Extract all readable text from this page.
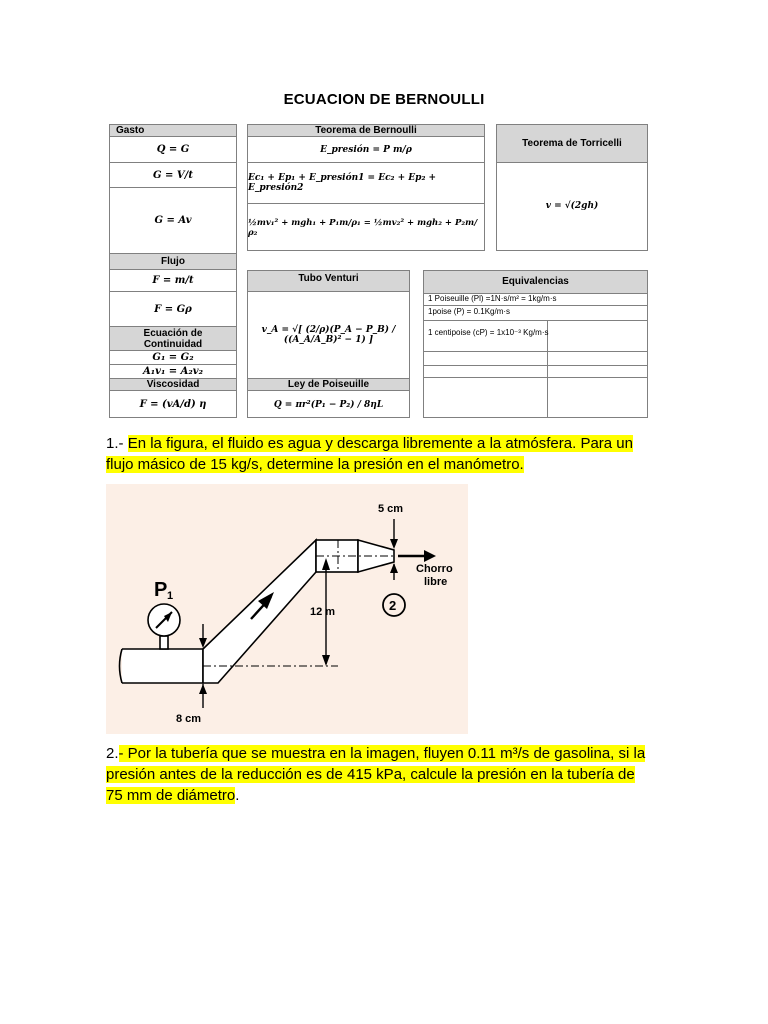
ECUACION DE BERNOULLI
Gasto
Q = G
G = V/t
G = Av
Flujo
F = m/t
F = Gρ
Ecuación de Continuidad
G₁ = G₂
A₁v₁ = A₂v₂
Viscosidad
F = (vA/d) η
Teorema de Bernoulli
E_presión = P m/ρ
Ec₁ + Ep₁ + E_presión1 = Ec₂ + Ep₂ + E_presión2
½mv₁² + mgh₁ + P₁m/ρ₁ = ½mv₂² + mgh₂ + P₂m/ρ₂
Teorema de Torricelli
v = √(2gh)
Tubo Venturi
v_A = √[ (2/ρ)(P_A − P_B) / ((A_A/A_B)² − 1) ]
Ley de Poiseuille
Q = πr²(P₁ − P₂) / 8ηL
Equivalencias
1 Poiseuille (Pl) =1N·s/m² = 1kg/m·s
1poise (P) = 0.1Kg/m·s
1 centipoise (cP) = 1x10⁻³ Kg/m·s
1.- En la figura, el fluido es agua y descarga libremente a la atmósfera. Para un flujo másico de 15 kg/s, determine la presión en el manómetro.
P 1
5 cm
Chorro
libre
12 m	2
8 cm
2.- Por la tubería que se muestra en la imagen, fluyen 0.11 m³/s de gasolina, si la presión antes de la reducción es de 415 kPa, calcule la presión en la tubería de 75 mm de diámetro.
